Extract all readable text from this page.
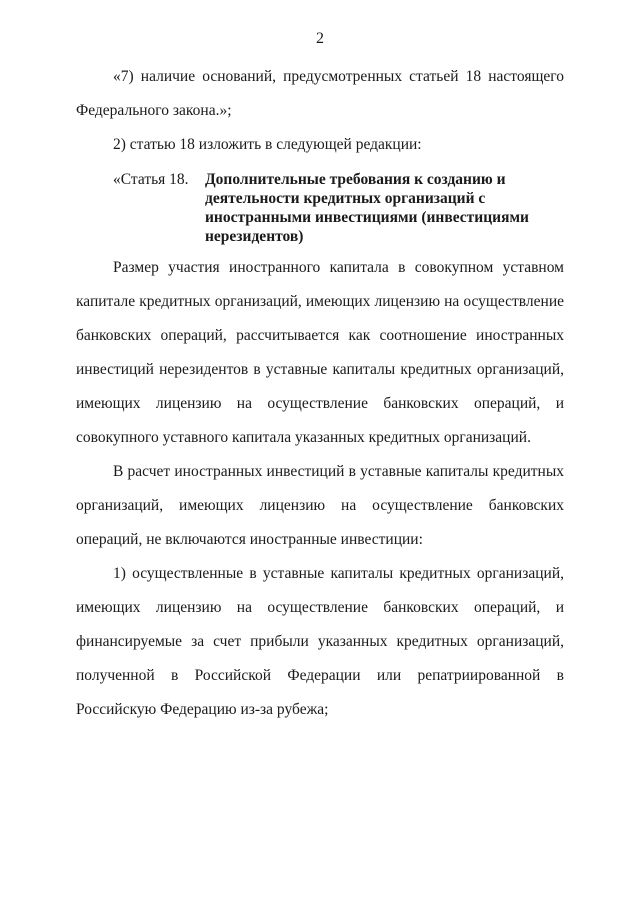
2

«7) наличие оснований, предусмотренных статьей 18 настоящего Федерального закона.»;

2) статью 18 изложить в следующей редакции:

«Статья 18. Дополнительные требования к созданию и деятельности кредитных организаций с иностранными инвестициями (инвестициями нерезидентов)

Размер участия иностранного капитала в совокупном уставном капитале кредитных организаций, имеющих лицензию на осуществление банковских операций, рассчитывается как соотношение иностранных инвестиций нерезидентов в уставные капиталы кредитных организаций, имеющих лицензию на осуществление банковских операций, и совокупного уставного капитала указанных кредитных организаций.

В расчет иностранных инвестиций в уставные капиталы кредитных организаций, имеющих лицензию на осуществление банковских операций, не включаются иностранные инвестиции:

1) осуществленные в уставные капиталы кредитных организаций, имеющих лицензию на осуществление банковских операций, и финансируемые за счет прибыли указанных кредитных организаций, полученной в Российской Федерации или репатриированной в Российскую Федерацию из-за рубежа;
